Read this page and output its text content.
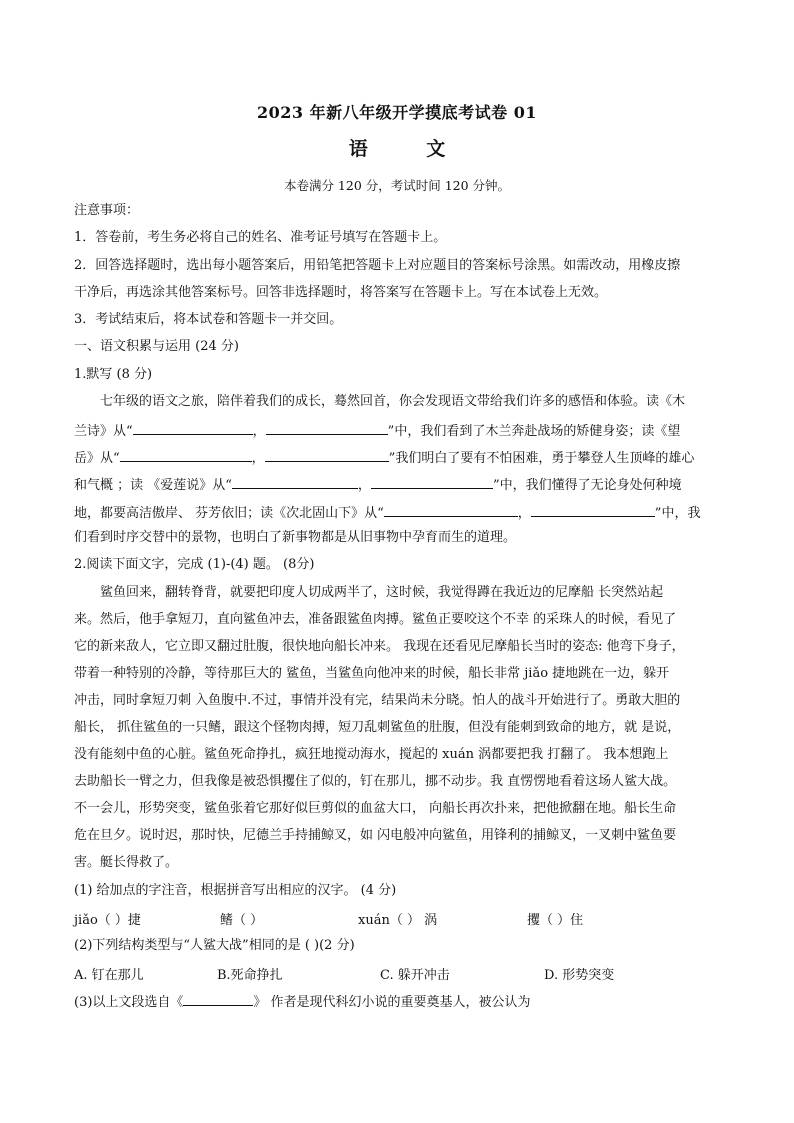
2023 年新八年级开学摸底考试卷 01
语 文
本卷满分 120 分，考试时间 120 分钟。
注意事项：
1．答卷前，考生务必将自己的姓名、准考证号填写在答题卡上。
2．回答选择题时，选出每小题答案后，用铅笔把答题卡上对应题目的答案标号涂黑。如需改动，用橡皮擦
干净后，再选涂其他答案标号。回答非选择题时，将答案写在答题卡上。写在本试卷上无效。
3．考试结束后，将本试卷和答题卡一并交回。
一、语文积累与运用 (24 分)
1.默写 (8 分)
七年级的语文之旅，陪伴着我们的成长，蓦然回首，你会发现语文带给我们许多的感悟和体验。读《木
兰诗》从“	，	”中，我们看到了木兰奔赴战场的矫健身姿；读《望
岳》从“	，	”我们明白了要有不怕困难，勇于攀登人生顶峰的雄心
和气概 ；读 《爱莲说》从“	，	”中，我们懂得了无论身处何种境
地，都要高洁傲岸、 芬芳依旧；读《次北固山下》从“	，	”中，我
们看到时序交替中的景物，也明白了新事物都是从旧事物中孕育而生的道理。
2.阅读下面文字，完成 (1)-(4) 题。 (8分)
鲨鱼回来，翻转脊背，就要把印度人切成两半了，这时候，我觉得蹲在我近边的尼摩船 长突然站起
来。然后，他手拿短刀，直向鲨鱼冲去，准备跟鲨鱼肉搏。鲨鱼正要咬这个不幸 的采珠人的时候，看见了
它的新来敌人，它立即又翻过肚腹，很快地向船长冲来。 我现在还看见尼摩船长当时的姿态: 他弯下身子，
带着一种特别的冷静，等待那巨大的 鲨鱼，当鲨鱼向他冲来的时候，船长非常 jiǎo 捷地跳在一边，躲开
冲击，同时拿短刀刺 入鱼腹中.不过，事情并没有完，结果尚未分晓。怕人的战斗开始进行了。勇敢大胆的
船长， 抓住鲨鱼的一只鳍，跟这个怪物肉搏，短刀乱刺鲨鱼的肚腹，但没有能刺到致命的地方，就 是说，
没有能刻中鱼的心脏。鲨鱼死命挣扎，疯狂地搅动海水，搅起的 xuán 涡都要把我 打翻了。 我本想跑上
去助船长一臂之力，但我像是被恐惧攫住了似的，钉在那儿，挪不动步。我 直愣愣地看着这场人鲨大战。
不一会儿，形势突变，鲨鱼张着它那好似巨剪似的血盆大口， 向船长再次扑来，把他掀翻在地。船长生命
危在旦夕。说时迟，那时快，尼德兰手持捕鲸叉，如 闪电般冲向鲨鱼，用锋利的捕鲸叉，一叉刺中鲨鱼要
害。艇长得救了。
(1) 给加点的字注音，根据拼音写出相应的汉字。 (4 分)
jiǎo（ ）捷	鳍（ ）	xuán（ ） 涡	攫（ ）住
(2)下列结构类型与“人鲨大战”相同的是 ( )(2 分)
A. 钉在那儿	B.死命挣扎	C. 躲开冲击	D. 形势突变
(3)以上文段选自《	》 作者是现代科幻小说的重要奠基人，被公认为
